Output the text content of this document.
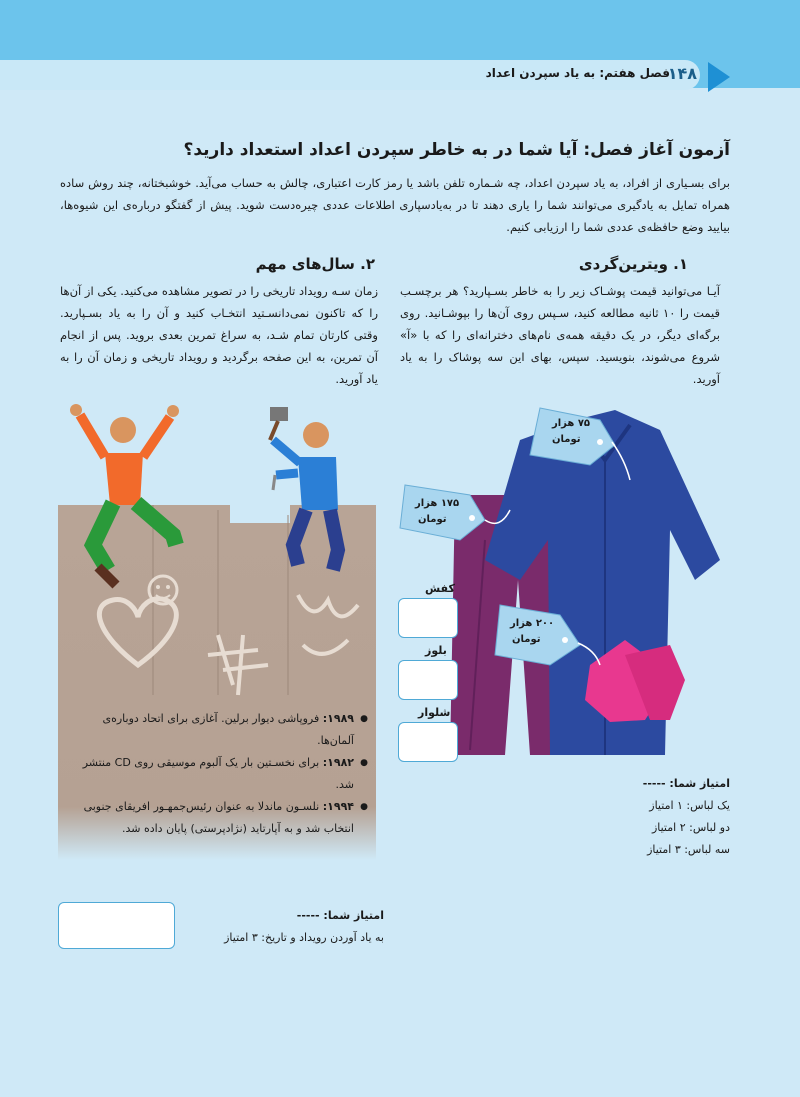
فصل هفتم: به یاد سپردن اعداد
۱۴۸
آزمون آغاز فصل: آیا شما در به خاطر سپردن اعداد استعداد دارید؟
برای بسـیاری از افراد، به یاد سپردن اعداد، چه شـماره تلفن باشد یا رمز کارت اعتباری، چالش به حساب می‌آید. خوشبختانه، چند روش ساده همراه تمایل به یادگیری می‌توانند شما را یاری دهند تا در به‌یادسپاری اطلاعات عددی چیره‌دست شوید. پیش از گفتگو درباره‌ی این شیوه‌ها، بیایید وضع حافظه‌ی عددی شما را ارزیابی کنیم.
۱. ویترین‌گردی
آیـا می‌توانید قیمت پوشـاک زیر را به خاطر بسـپارید؟ هر برچسـب قیمت را ۱۰ ثانیه مطالعه کنید، سـپس روی آن‌ها را بپوشـانید. روی برگه‌ای دیگر، در یک دقیقه همه‌ی نام‌های دخترانه‌ای را که با «آ» شروع می‌شوند، بنویسید. سپس، بهای این سه پوشاک را به یاد آورید.
۲. سال‌های مهم
زمان سـه رویداد تاریخی را در تصویر مشاهده می‌کنید. یکی از آن‌ها را که تاکنون نمی‌دانسـتید انتخـاب کنید و آن را به یاد بسـپارید. وقتی کارتان تمام شـد، به سراغ تمرین بعدی بروید. پس از انجام آن تمرین، به این صفحه برگردید و رویداد تاریخی و زمان آن را به یاد آورید.
● ۱۹۸۹: فروپاشی دیوار برلین. آغازی برای اتحاد دوباره‌ی آلمان‌ها.
● ۱۹۸۲: برای نخسـتین بار یک آلبوم موسیقی روی CD منتشر شد.
● ۱۹۹۴: نلسـون ماندلا به عنوان رئیس‌جمهـور افریقای جنوبی انتخاب شد و به آپارتاید (نژادپرستی) پایان داده شد.
۷۵ هزار
تومان
۱۷۵ هزار
تومان
۲۰۰ هزار
تومان
کفش
بلوز
شلوار
امتیاز شما: -----
یک لباس: ۱ امتیاز
دو لباس: ۲ امتیاز
سه لباس: ۳ امتیاز
امتیاز شما: -----
به یاد آوردن رویداد و تاریخ: ۳ امتیاز
